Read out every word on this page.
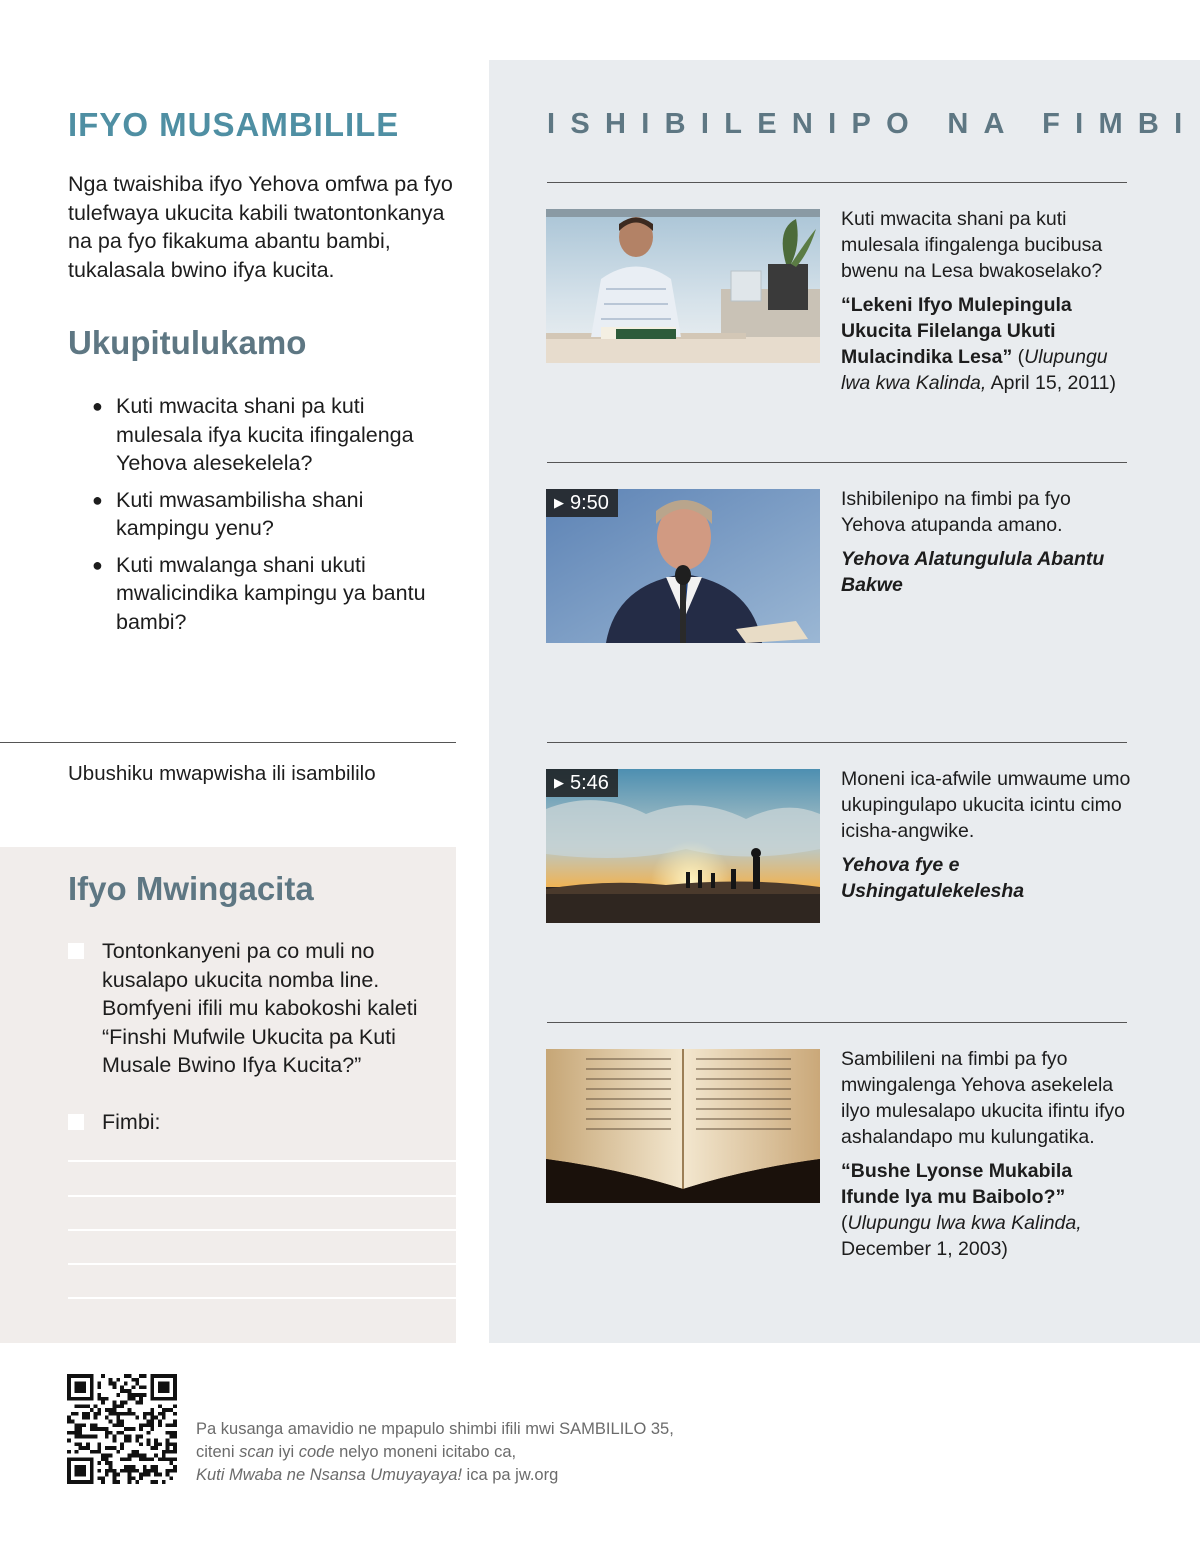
IFYO MUSAMBILILE

Nga twaishiba ifyo Yehova omfwa pa fyo tulefwaya ukucita kabili twatontonkanya na pa fyo fikakuma abantu bambi, tukalasala bwino ifya kucita.

Ukupitulukamo
● Kuti mwacita shani pa kuti mulesala ifya kucita ifingalenga Yehova alesekelela?
● Kuti mwasambilisha shani kampingu yenu?
● Kuti mwalanga shani ukuti mwalicindika kampingu ya bantu bambi?
Ubushiku mwapwisha ili isambililo
Ifyo Mwingacita
Tontonkanyeni pa co muli no kusalapo ukucita nomba line. Bomfyeni ifili mu kabokoshi kaleti “Finshi Mufwile Ukucita pa Kuti Musale Bwino Ifya Kucita?”
Fimbi:
ISHIBILENIPO NA FIMBI
Kuti mwacita shani pa kuti mulesala ifingalenga bucibusa bwenu na Lesa bwakoselako?
“Lekeni Ifyo Mulepingula Ukucita Filelanga Ukuti Mulacindika Lesa” (Ulupungu lwa kwa Kalinda, April 15, 2011)
▶ 9:50	Ishibilenipo na fimbi pa fyo Yehova atupanda amano.
Yehova Alatungulula Abantu Bakwe
▶ 5:46	Moneni ica-afwile umwaume umo ukupingulapo ukucita icintu cimo icisha-angwike.
Yehova fye e Ushingatulekelesha
Sambilileni na fimbi pa fyo mwingalenga Yehova asekelela ilyo mulesalapo ukucita ifintu ifyo ashalandapo mu kulungatika.
“Bushe Lyonse Mukabila Ifunde lya mu Baibolo?”
(Ulupungu lwa kwa Kalinda, December 1, 2003)
Pa kusanga amavidio ne mpapulo shimbi ifili mwi SAMBILILO 35,
citeni scan iyi code nelyo moneni icitabo ca,
Kuti Mwaba ne Nsansa Umuyayaya! ica pa jw.org
